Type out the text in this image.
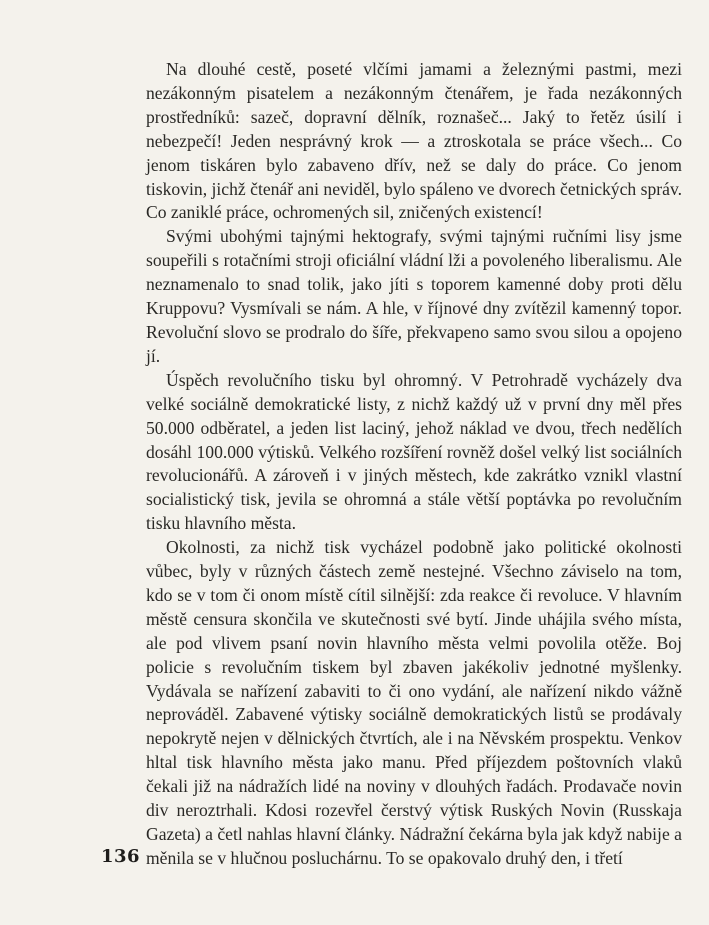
Na dlouhé cestě, poseté vlčími jamami a železnými pastmi, mezi nezákonným pisatelem a nezákonným čtenářem, je řada nezákonných prostředníků: sazeč, dopravní dělník, roznašeč... Jaký to řetěz úsilí i nebezpečí! Jeden nesprávný krok — a ztroskotala se práce všech... Co jenom tiskáren bylo zabaveno dřív, než se daly do práce. Co jenom tiskovin, jichž čtenář ani neviděl, bylo spáleno ve dvorech četnických správ. Co zaniklé práce, ochromených sil, zničených existencí!

Svými ubohými tajnými hektografy, svými tajnými ručními lisy jsme soupeřili s rotačními stroji oficiální vládní lži a povoleného liberalismu. Ale neznamenalo to snad tolik, jako jíti s toporem kamenné doby proti dělu Kruppovu? Vysmívali se nám. A hle, v říjnové dny zvítězil kamenný topor. Revoluční slovo se prodralo do šíře, překvapeno samo svou silou a opojeno jí.

Úspěch revolučního tisku byl ohromný. V Petrohradě vycházely dva velké sociálně demokratické listy, z nichž každý už v první dny měl přes 50.000 odběratel, a jeden list laciný, jehož náklad ve dvou, třech nedělích dosáhl 100.000 výtisků. Velkého rozšíření rovněž došel velký list sociálních revolucionářů. A zároveň i v jiných městech, kde zakrátko vznikl vlastní socialistický tisk, jevila se ohromná a stále větší poptávka po revolučním tisku hlavního města.

Okolnosti, za nichž tisk vycházel podobně jako politické okolnosti vůbec, byly v různých částech země nestejné. Všechno záviselo na tom, kdo se v tom či onom místě cítil silnější: zda reakce či revoluce. V hlavním městě censura skončila ve skutečnosti své bytí. Jinde uhájila svého místa, ale pod vlivem psaní novin hlavního města velmi povolila otěže. Boj policie s revolučním tiskem byl zbaven jakékoliv jednotné myšlenky. Vydávala se nařízení zabaviti to či ono vydání, ale nařízení nikdo vážně neprováděl. Zabavené výtisky sociálně demokratických listů se prodávaly nepokrytě nejen v dělnických čtvrtích, ale i na Něvském prospektu. Venkov hltal tisk hlavního města jako manu. Před příjezdem poštovních vlaků čekali již na nádražích lidé na noviny v dlouhých řadách. Prodavače novin div neroztrhali. Kdosi rozevřel čerstvý výtisk Ruských Novin (Russkaja Gazeta) a četl nahlas hlavní články. Nádražní čekárna byla jak když nabije a měnila se v hlučnou posluchárnu. To se opakovalo druhý den, i třetí

136
